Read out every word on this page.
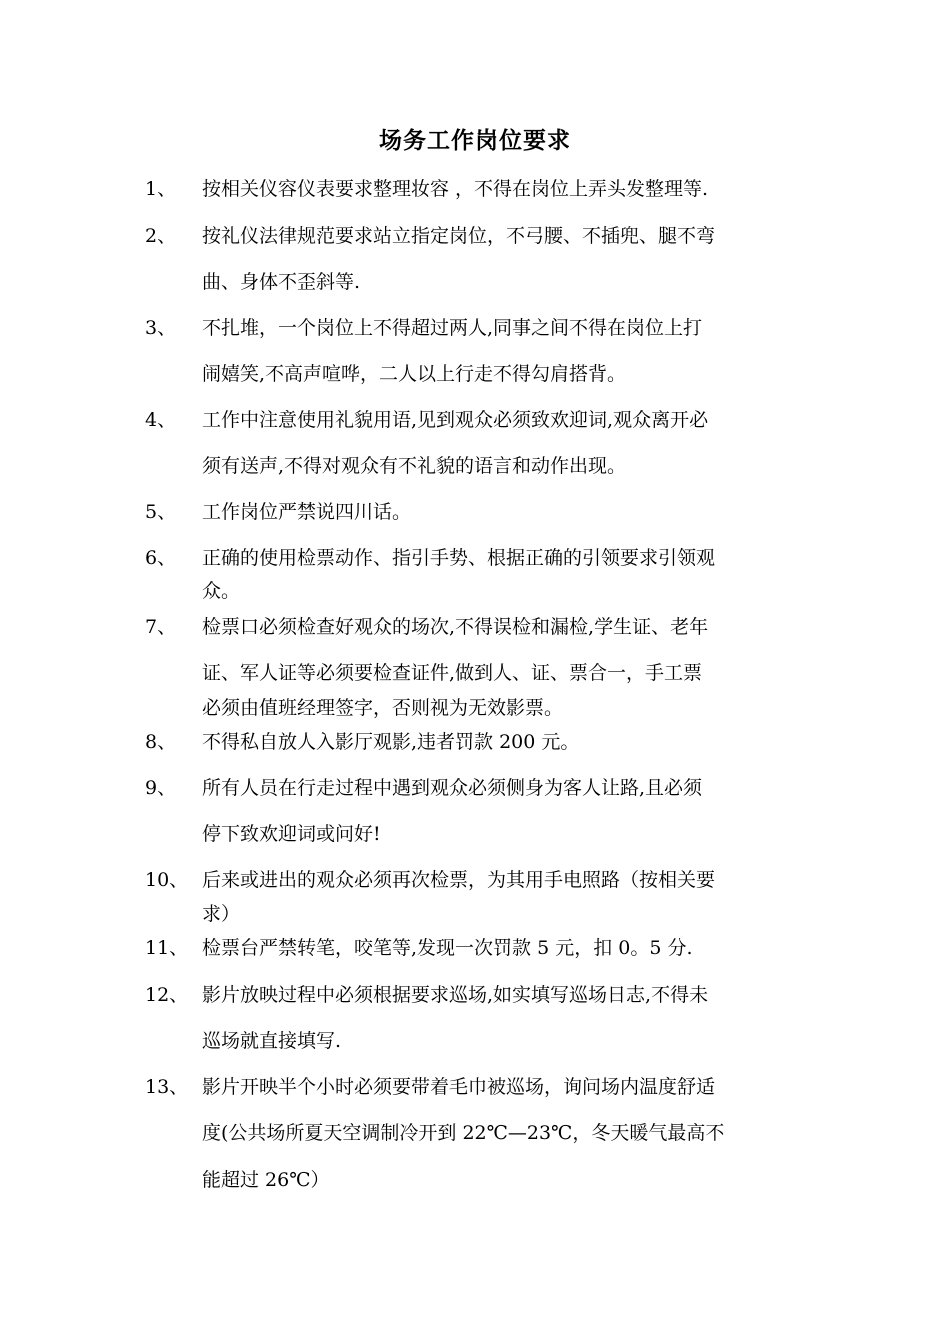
场务工作岗位要求
1、 按相关仪容仪表要求整理妆容 ，不得在岗位上弄头发整理等.
2、 按礼仪法律规范要求站立指定岗位，不弓腰、不插兜、腿不弯
曲、身体不歪斜等.
3、 不扎堆，一个岗位上不得超过两人,同事之间不得在岗位上打
闹嬉笑,不高声喧哗，二人以上行走不得勾肩搭背。
4、 工作中注意使用礼貌用语,见到观众必须致欢迎词,观众离开必
须有送声,不得对观众有不礼貌的语言和动作出现。
5、 工作岗位严禁说四川话。
6、 正确的使用检票动作、指引手势、根据正确的引领要求引领观
众。
7、 检票口必须检查好观众的场次,不得误检和漏检,学生证、老年
证、军人证等必须要检查证件,做到人、证、票合一，手工票
必须由值班经理签字，否则视为无效影票。
8、 不得私自放人入影厅观影,违者罚款 200 元。
9、 所有人员在行走过程中遇到观众必须侧身为客人让路,且必须
停下致欢迎词或问好!
10、 后来或进出的观众必须再次检票，为其用手电照路（按相关要
求）
11、 检票台严禁转笔，咬笔等,发现一次罚款 5 元，扣 0。5 分.
12、 影片放映过程中必须根据要求巡场,如实填写巡场日志,不得未
巡场就直接填写.
13、 影片开映半个小时必须要带着毛巾被巡场，询问场内温度舒适
度(公共场所夏天空调制冷开到 22℃—23℃，冬天暖气最高不
能超过 26℃）
